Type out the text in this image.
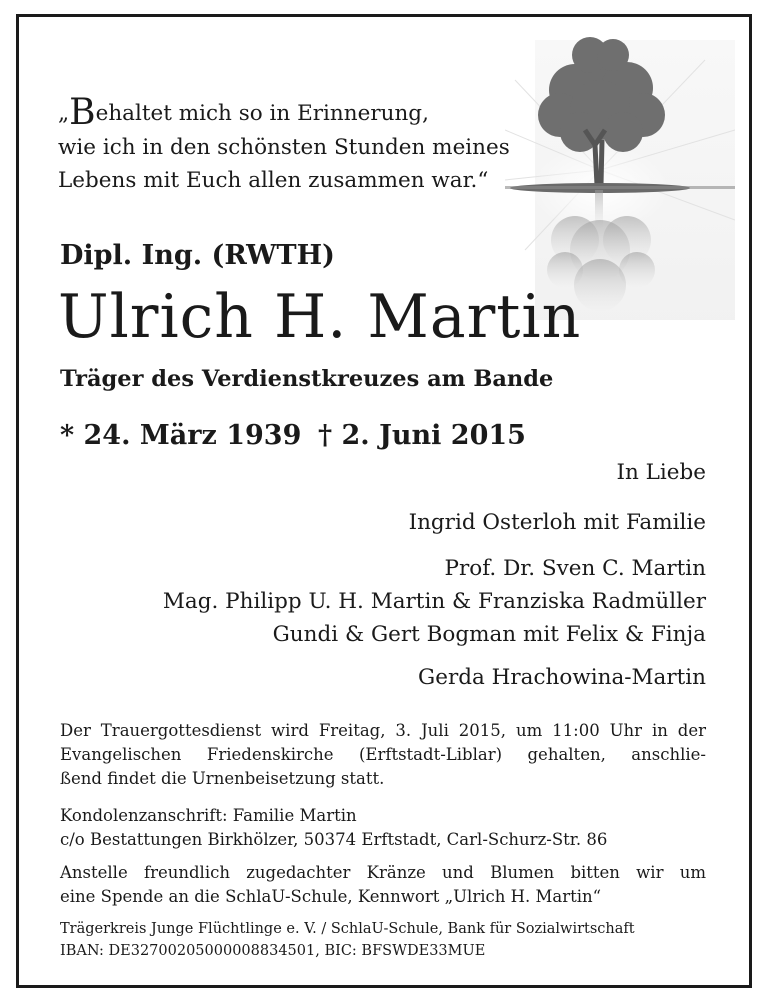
„Behaltet mich so in Erinnerung,
wie ich in den schönsten Stunden meines
Lebens mit Euch allen zusammen war.“
Dipl. Ing. (RWTH)
Ulrich H. Martin
Träger des Verdienstkreuzes am Bande
* 24. März 1939 † 2. Juni 2015
In Liebe
Ingrid Osterloh mit Familie
Prof. Dr. Sven C. Martin
Mag. Philipp U. H. Martin & Franziska Radmüller
Gundi & Gert Bogman mit Felix & Finja
Gerda Hrachowina-Martin
Der Trauergottesdienst wird Freitag, 3. Juli 2015, um 11:00 Uhr in der
Evangelischen Friedenskirche (Erftstadt-Liblar) gehalten, anschlie-
ßend findet die Urnenbeisetzung statt.
Kondolenzanschrift: Familie Martin
c/o Bestattungen Birkhölzer, 50374 Erftstadt, Carl-Schurz-Str. 86
Anstelle freundlich zugedachter Kränze und Blumen bitten wir um
eine Spende an die SchlaU-Schule, Kennwort „Ulrich H. Martin“
Trägerkreis Junge Flüchtlinge e. V. / SchlaU-Schule, Bank für Sozialwirtschaft
IBAN: DE32700205000008834501, BIC: BFSWDE33MUE
